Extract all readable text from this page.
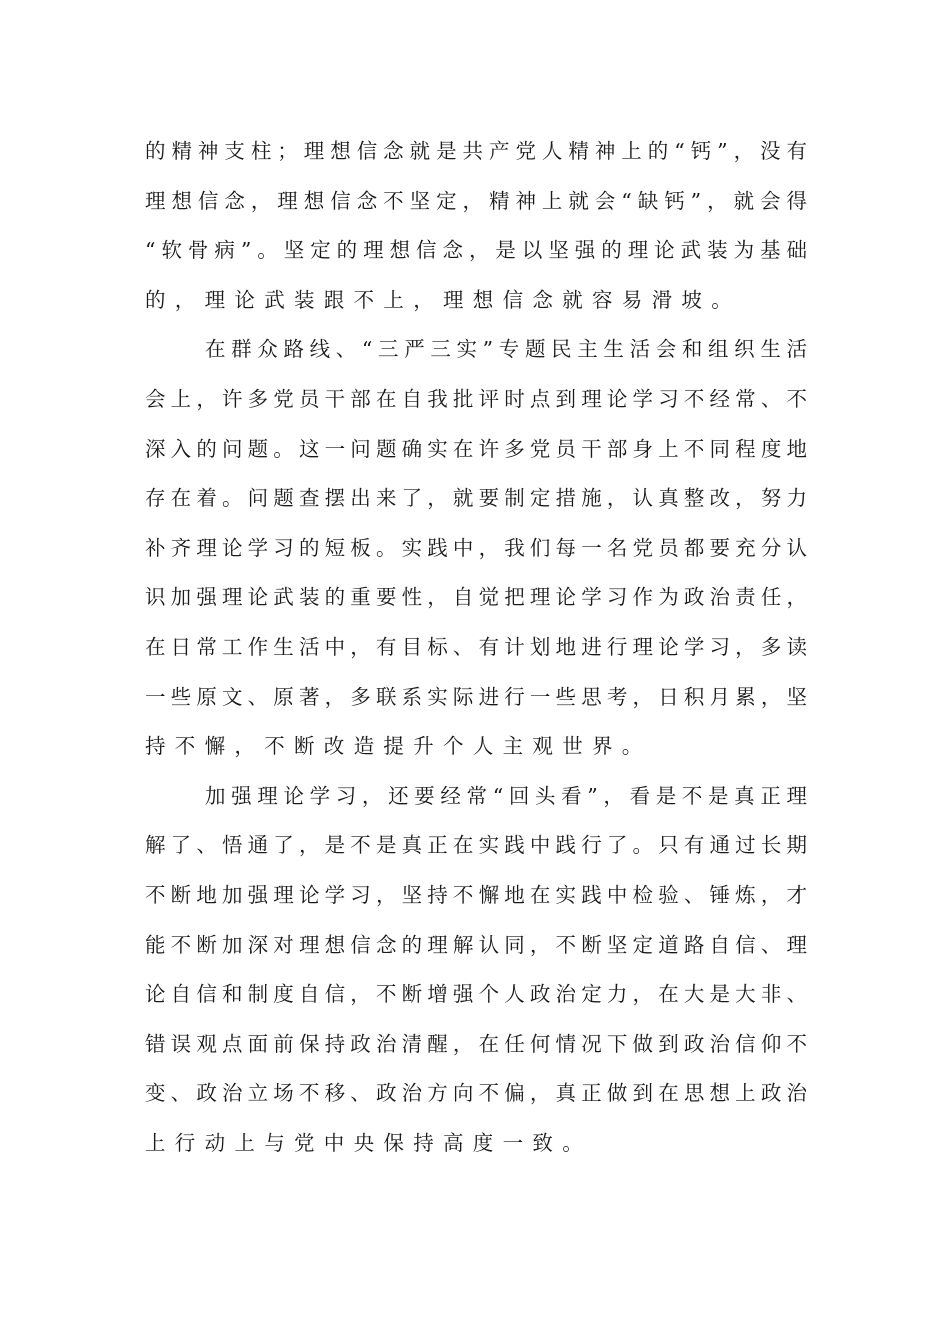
的精神支柱；理想信念就是共产党人精神上的“钙”，没有
理想信念，理想信念不坚定，精神上就会“缺钙”，就会得
“软骨病”。坚定的理想信念，是以坚强的理论武装为基础
的，理论武装跟不上，理想信念就容易滑坡。
在群众路线、“三严三实”专题民主生活会和组织生活
会上，许多党员干部在自我批评时点到理论学习不经常、不
深入的问题。这一问题确实在许多党员干部身上不同程度地
存在着。问题查摆出来了，就要制定措施，认真整改，努力
补齐理论学习的短板。实践中，我们每一名党员都要充分认
识加强理论武装的重要性，自觉把理论学习作为政治责任，
在日常工作生活中，有目标、有计划地进行理论学习，多读
一些原文、原著，多联系实际进行一些思考，日积月累，坚
持不懈，不断改造提升个人主观世界。
加强理论学习，还要经常“回头看”，看是不是真正理
解了、悟通了，是不是真正在实践中践行了。只有通过长期
不断地加强理论学习，坚持不懈地在实践中检验、锤炼，才
能不断加深对理想信念的理解认同，不断坚定道路自信、理
论自信和制度自信，不断增强个人政治定力，在大是大非、
错误观点面前保持政治清醒，在任何情况下做到政治信仰不
变、政治立场不移、政治方向不偏，真正做到在思想上政治
上行动上与党中央保持高度一致。
